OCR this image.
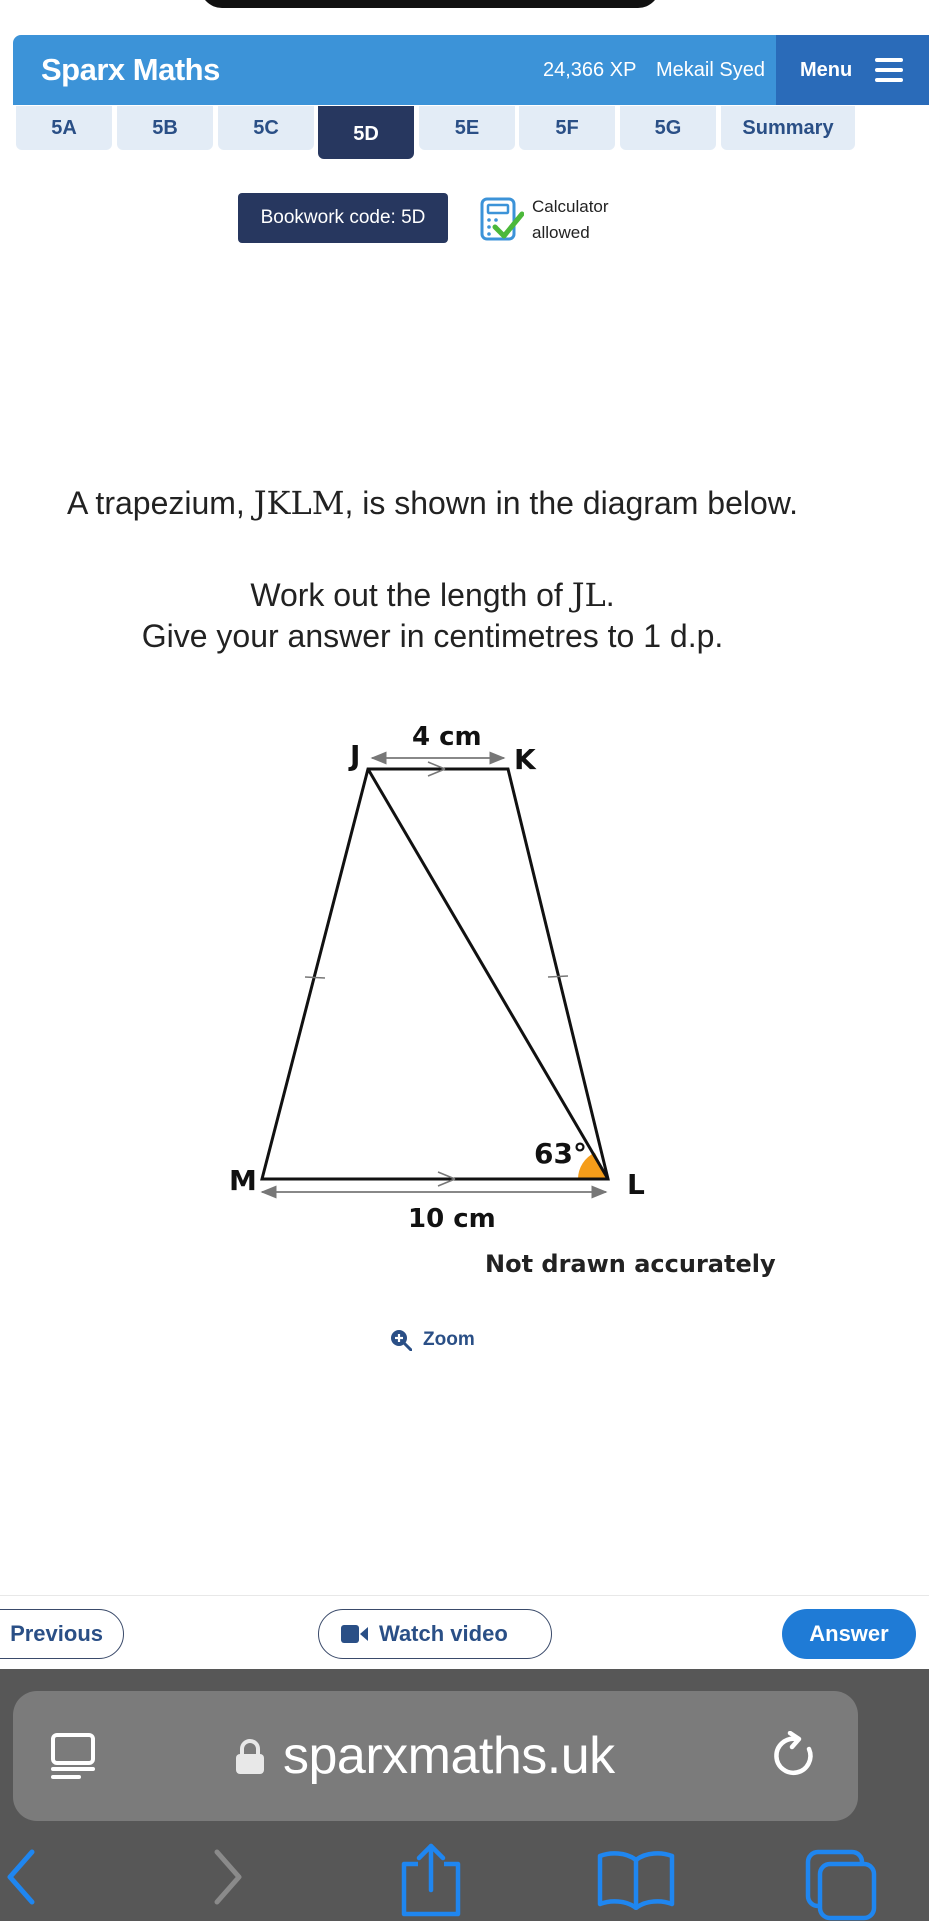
Sparx Maths	24,366 XP Mekail Syed Menu
5A	5B	5C	5D	5E	5F	5G	Summary
Bookwork code: 5D
Calculator
allowed
A trapezium, JKLM, is shown in the diagram below.
Work out the length of JL.
Give your answer in centimetres to 1 d.p.
J	K
L
M
4 cm
10 cm
63°
Not drawn accurately
Zoom
Previous	Watch video	Answer
sparxmaths.uk
